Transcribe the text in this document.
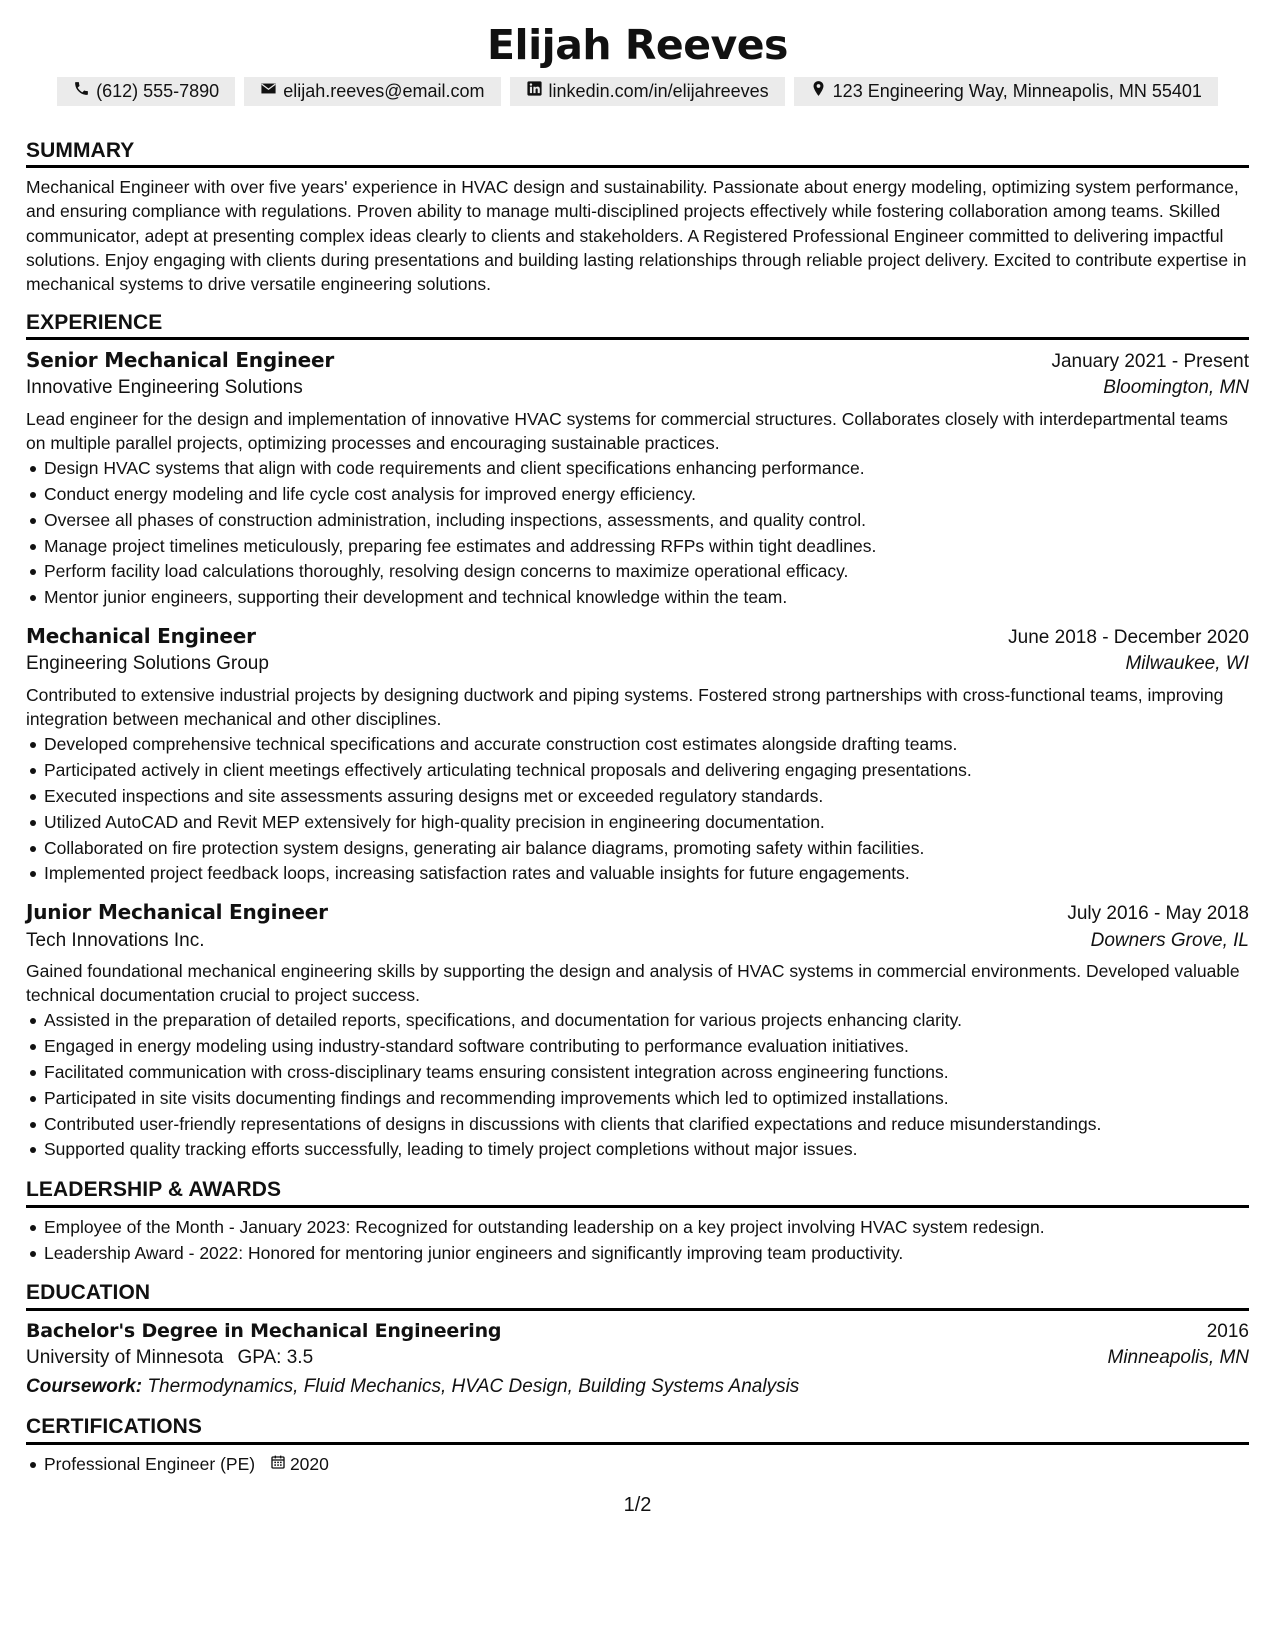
Elijah Reeves
(612) 555-7890	elijah.reeves@email.com	linkedin.com/in/elijahreeves	123 Engineering Way, Minneapolis, MN 55401
SUMMARY

Mechanical Engineer with over five years' experience in HVAC design and sustainability. Passionate about energy modeling, optimizing system performance, and ensuring compliance with regulations. Proven ability to manage multi-disciplined projects effectively while fostering collaboration among teams. Skilled communicator, adept at presenting complex ideas clearly to clients and stakeholders. A Registered Professional Engineer committed to delivering impactful solutions. Enjoy engaging with clients during presentations and building lasting relationships through reliable project delivery. Excited to contribute expertise in mechanical systems to drive versatile engineering solutions.

EXPERIENCE
Senior Mechanical Engineer	January 2021 - Present
Innovative Engineering Solutions	Bloomington, MN

Lead engineer for the design and implementation of innovative HVAC systems for commercial structures. Collaborates closely with interdepartmental teams on multiple parallel projects, optimizing processes and encouraging sustainable practices.

Design HVAC systems that align with code requirements and client specifications enhancing performance.
Conduct energy modeling and life cycle cost analysis for improved energy efficiency.
Oversee all phases of construction administration, including inspections, assessments, and quality control.
Manage project timelines meticulously, preparing fee estimates and addressing RFPs within tight deadlines.
Perform facility load calculations thoroughly, resolving design concerns to maximize operational efficacy.
Mentor junior engineers, supporting their development and technical knowledge within the team.
Mechanical Engineer	June 2018 - December 2020
Engineering Solutions Group	Milwaukee, WI

Contributed to extensive industrial projects by designing ductwork and piping systems. Fostered strong partnerships with cross-functional teams, improving integration between mechanical and other disciplines.

Developed comprehensive technical specifications and accurate construction cost estimates alongside drafting teams.
Participated actively in client meetings effectively articulating technical proposals and delivering engaging presentations.
Executed inspections and site assessments assuring designs met or exceeded regulatory standards.
Utilized AutoCAD and Revit MEP extensively for high-quality precision in engineering documentation.
Collaborated on fire protection system designs, generating air balance diagrams, promoting safety within facilities.
Implemented project feedback loops, increasing satisfaction rates and valuable insights for future engagements.
Junior Mechanical Engineer	July 2016 - May 2018
Tech Innovations Inc.	Downers Grove, IL

Gained foundational mechanical engineering skills by supporting the design and analysis of HVAC systems in commercial environments. Developed valuable technical documentation crucial to project success.

Assisted in the preparation of detailed reports, specifications, and documentation for various projects enhancing clarity.
Engaged in energy modeling using industry-standard software contributing to performance evaluation initiatives.
Facilitated communication with cross-disciplinary teams ensuring consistent integration across engineering functions.
Participated in site visits documenting findings and recommending improvements which led to optimized installations.
Contributed user-friendly representations of designs in discussions with clients that clarified expectations and reduce misunderstandings.
Supported quality tracking efforts successfully, leading to timely project completions without major issues.
LEADERSHIP & AWARDS
Employee of the Month - January 2023: Recognized for outstanding leadership on a key project involving HVAC system redesign.
Leadership Award - 2022: Honored for mentoring junior engineers and significantly improving team productivity.
EDUCATION
Bachelor's Degree in Mechanical Engineering	2016
University of Minnesota GPA: 3.5	Minneapolis, MN
Coursework: Thermodynamics, Fluid Mechanics, HVAC Design, Building Systems Analysis
CERTIFICATIONS
Professional Engineer (PE) 2020
1/2
